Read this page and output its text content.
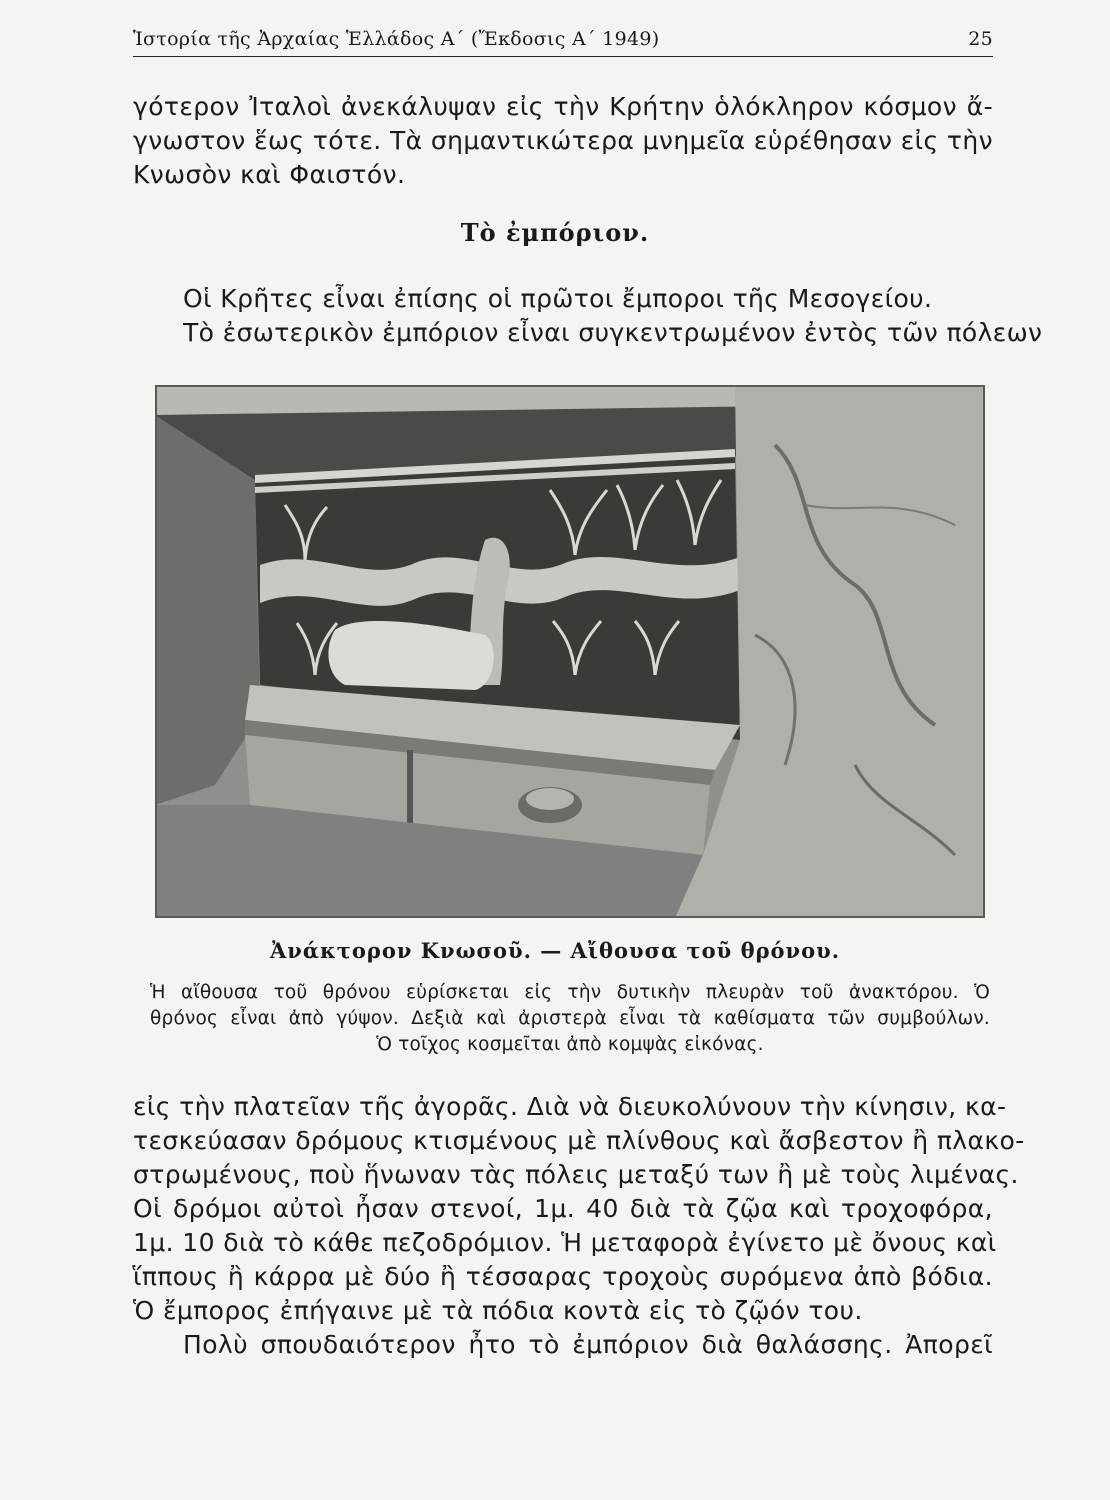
Ἱστορία τῆς Ἀρχαίας Ἑλλάδος Α΄ (Ἔκδοσις Α΄ 1949)	25
γότερον Ἰταλοὶ ἀνεκάλυψαν εἰς τὴν Κρήτην ὁλόκληρον κόσμον ἄ-
γνωστον ἕως τότε. Τὰ σημαντικώτερα μνημεῖα εὑρέθησαν εἰς τὴν
Κνωσὸν καὶ Φαιστόν.
Τὸ ἐμπόριον.
Οἱ Κρῆτες εἶναι ἐπίσης οἱ πρῶτοι ἔμποροι τῆς Μεσογείου.
Τὸ ἐσωτερικὸν ἐμπόριον εἶναι συγκεντρωμένον ἐντὸς τῶν πόλεων
Ἀνάκτορον Κνωσοῦ. — Αἴθουσα τοῦ θρόνου.
Ἡ αἴθουσα τοῦ θρόνου εὑρίσκεται εἰς τὴν δυτικὴν πλευρὰν τοῦ ἀνακτόρου. Ὁ
θρόνος εἶναι ἀπὸ γύψον. Δεξιὰ καὶ ἀριστερὰ εἶναι τὰ καθίσματα τῶν συμβούλων.
Ὁ τοῖχος κοσμεῖται ἀπὸ κομψὰς εἰκόνας.
εἰς τὴν πλατεῖαν τῆς ἀγορᾶς. Διὰ νὰ διευκολύνουν τὴν κίνησιν, κα-
τεσκεύασαν δρόμους κτισμένους μὲ πλίνθους καὶ ἄσβεστον ἢ πλακο-
στρωμένους, ποὺ ἥνωναν τὰς πόλεις μεταξύ των ἢ μὲ τοὺς λιμένας.
Οἱ δρόμοι αὐτοὶ ἦσαν στενοί, 1μ. 40 διὰ τὰ ζῷα καὶ τροχοφόρα,
1μ. 10 διὰ τὸ κάθε πεζοδρόμιον. Ἡ μεταφορὰ ἐγίνετο μὲ ὄνους καὶ
ἵππους ἢ κάρρα μὲ δύο ἢ τέσσαρας τροχοὺς συρόμενα ἀπὸ βόδια.
Ὁ ἔμπορος ἐπήγαινε μὲ τὰ πόδια κοντὰ εἰς τὸ ζῷόν του.
Πολὺ σπουδαιότερον ἦτο τὸ ἐμπόριον διὰ θαλάσσης. Ἀπορεῖ
